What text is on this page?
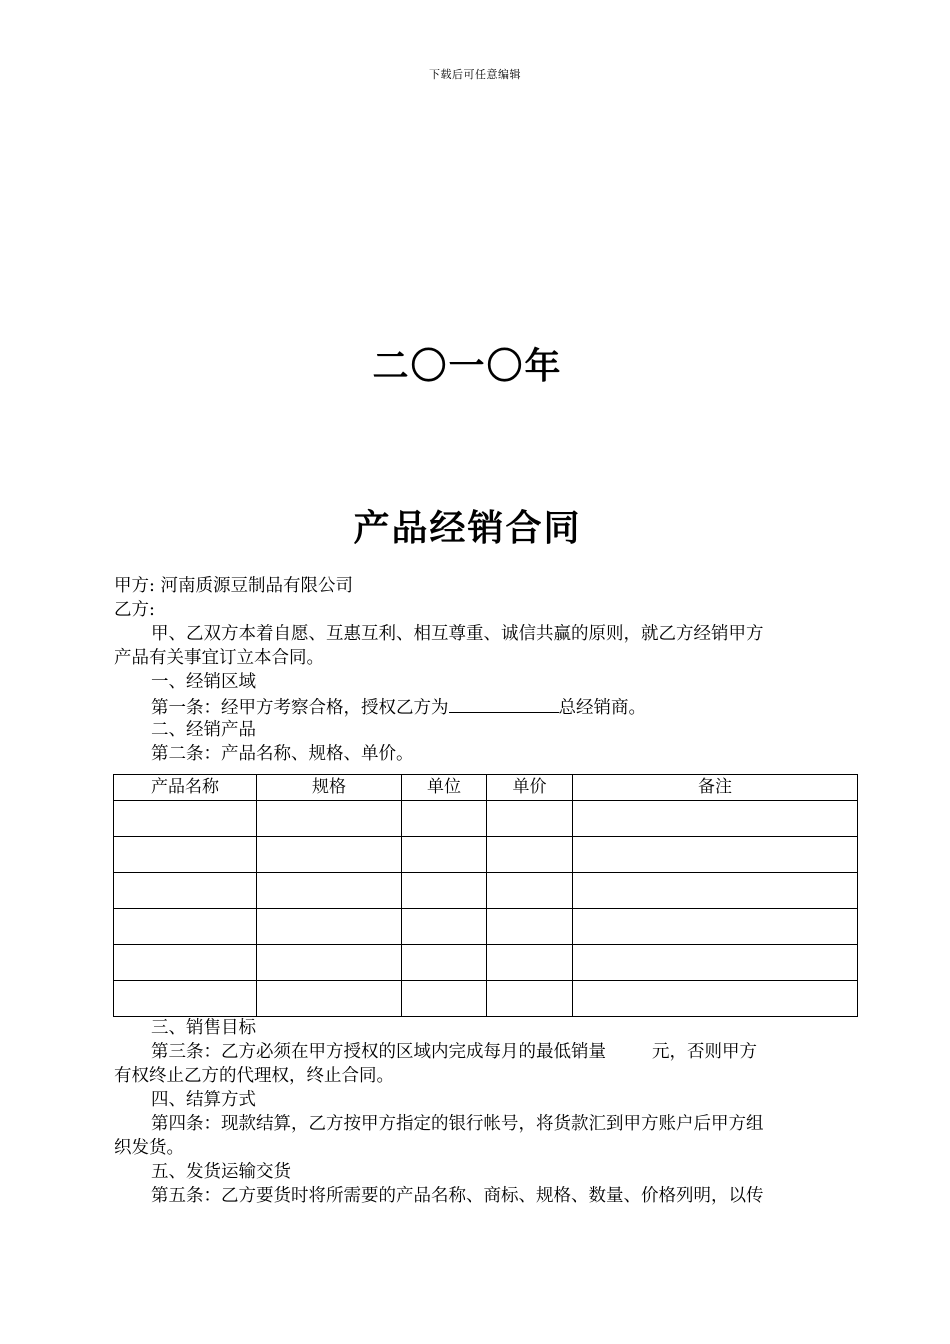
下载后可任意编辑
二〇一〇年
产品经销合同
甲方: 河南质源豆制品有限公司
乙方:
甲、乙双方本着自愿、互惠互利、相互尊重、诚信共赢的原则，就乙方经销甲方
产品有关事宜订立本合同。
一、经销区域
第一条：经甲方考察合格，授权乙方为	总经销商。
二、经销产品
第二条：产品名称、规格、单价。
产品名称	规格	单位	单价	备注

三、销售目标
第三条：乙方必须在甲方授权的区域内完成每月的最低销量	元，否则甲方
有权终止乙方的代理权，终止合同。
四、结算方式
第四条：现款结算，乙方按甲方指定的银行帐号，将货款汇到甲方账户后甲方组
织发货。
五、发货运输交货
第五条：乙方要货时将所需要的产品名称、商标、规格、数量、价格列明，以传
